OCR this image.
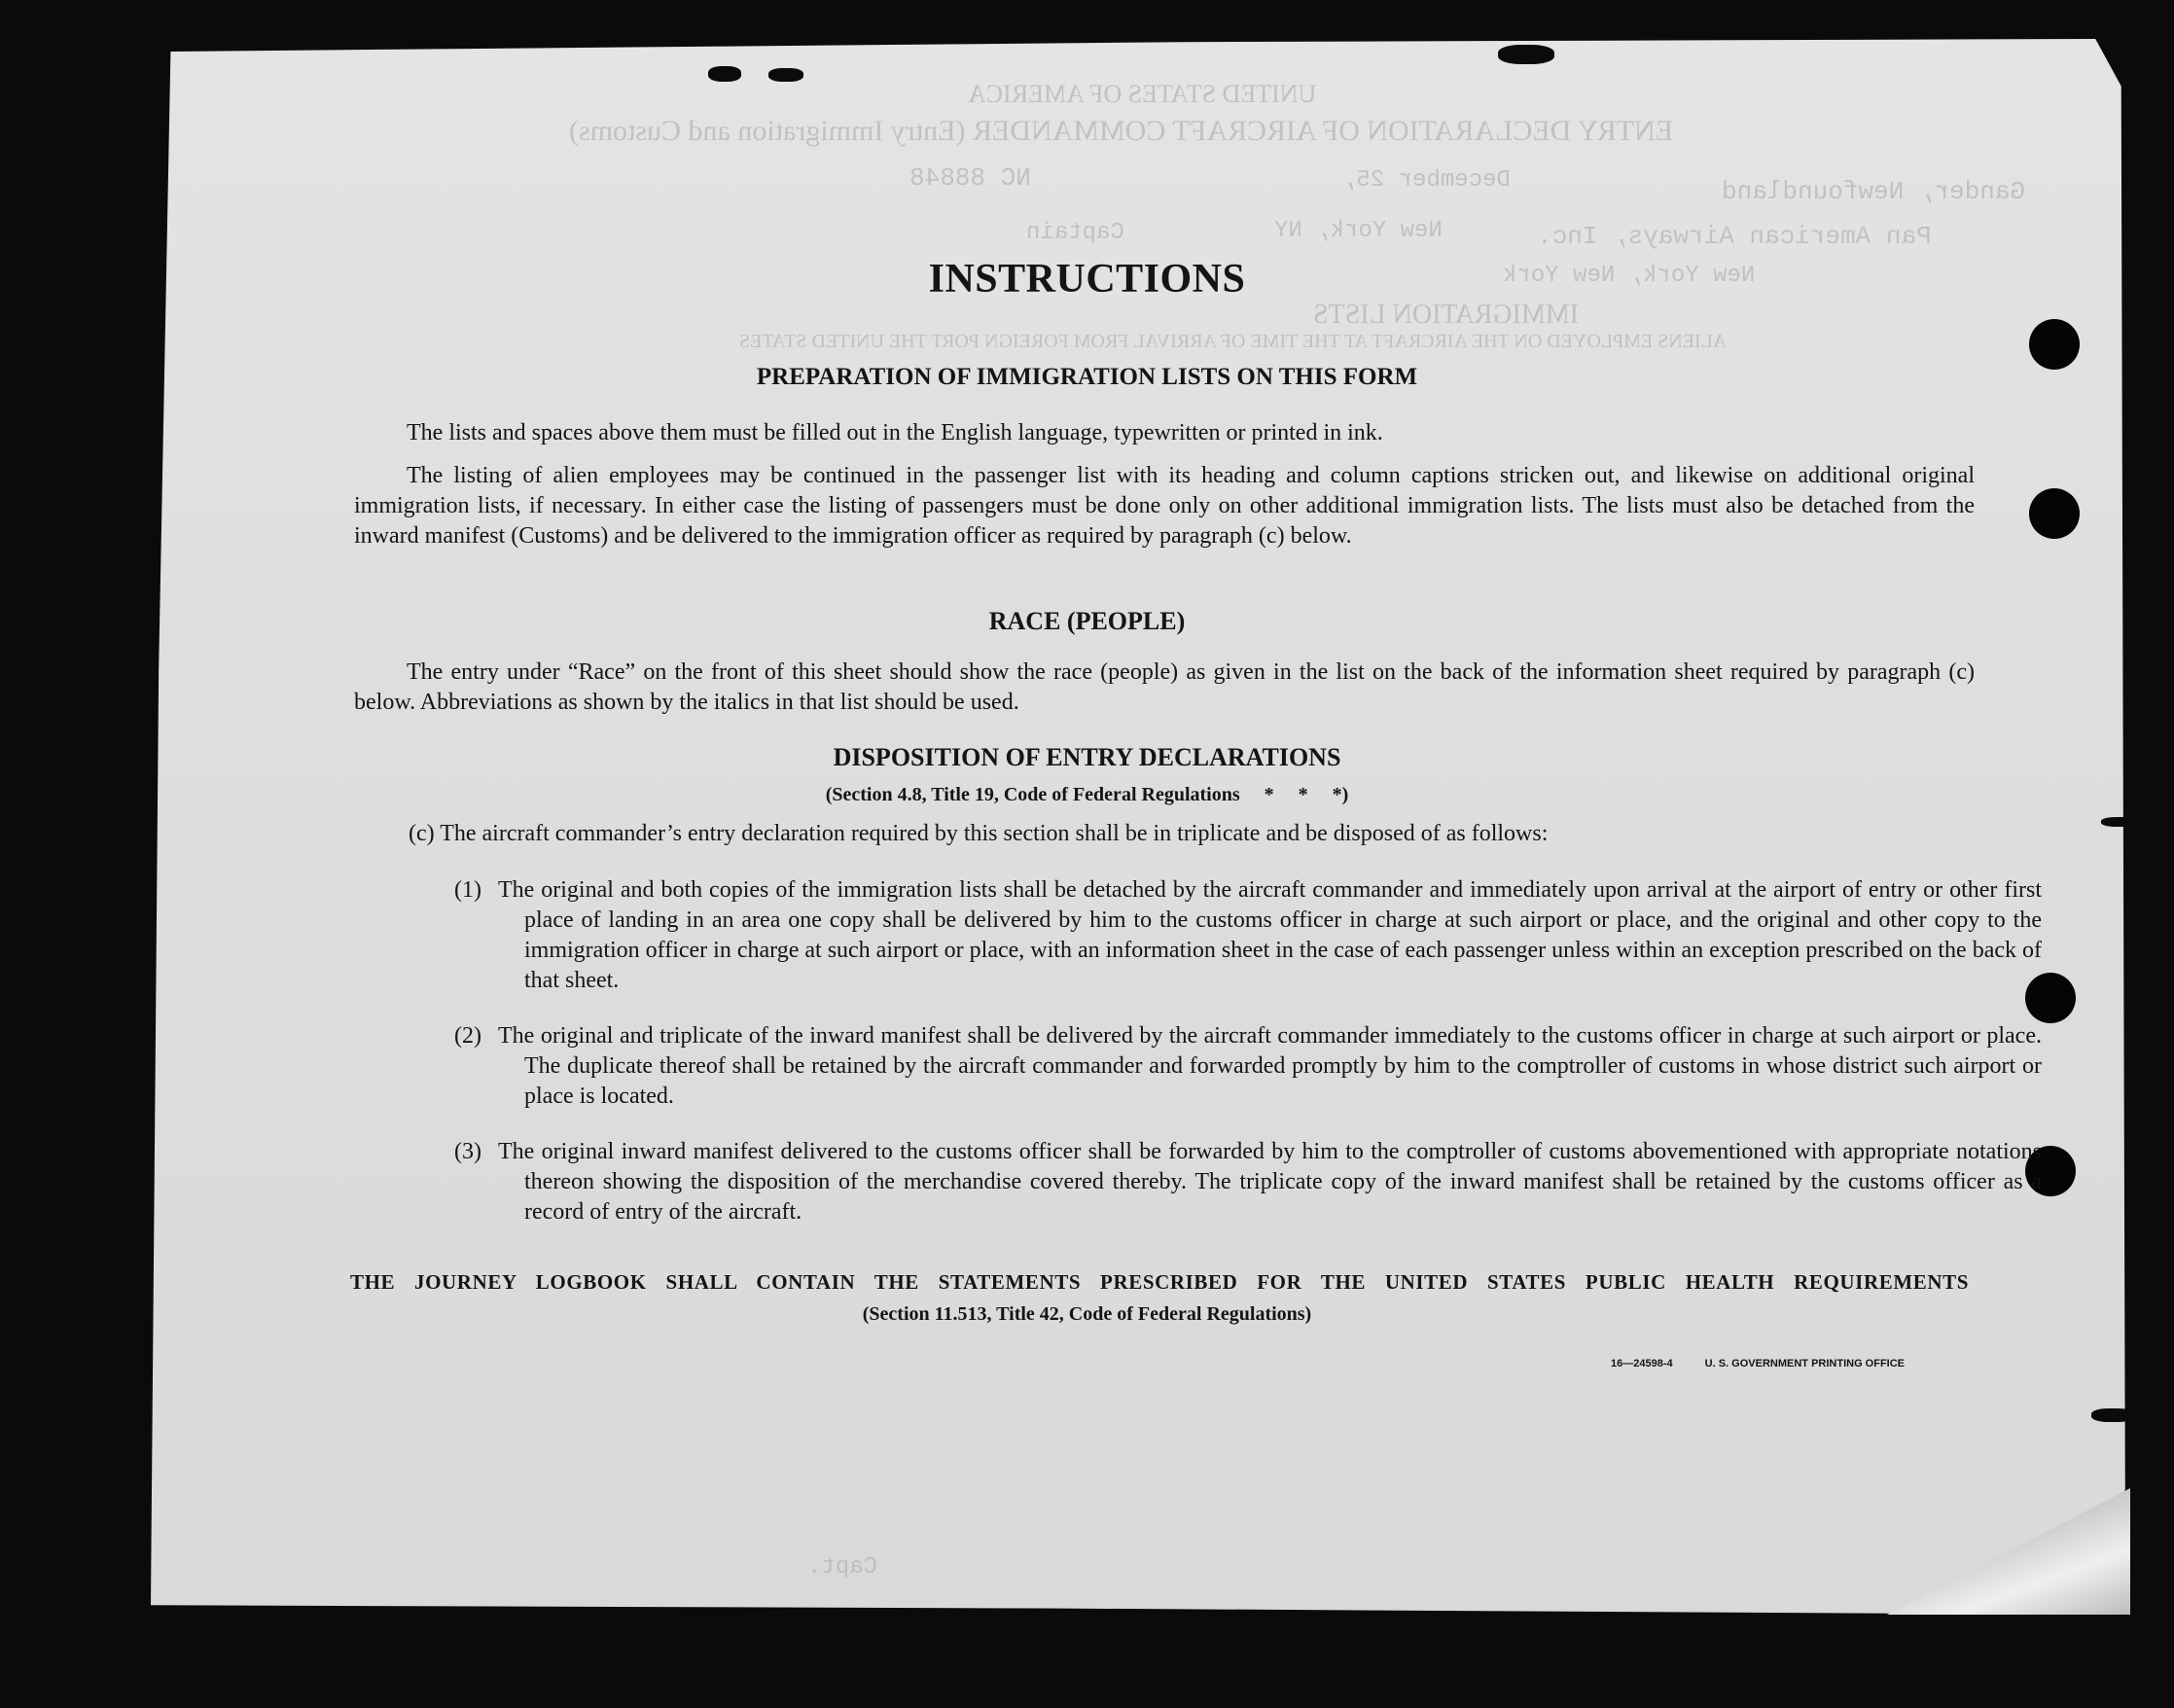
UNITED STATES OF AMERICA
ENTRY DECLARATION OF AIRCRAFT COMMANDER (Entry Immigration and Customs)
Gander, Newfoundland
December 25,
NC 88848
Pan American Airways, Inc.
New York, NY
Captain
New York, New York
IMMIGRATION LISTS
ALIENS EMPLOYED ON THE AIRCRAFT AT THE TIME OF ARRIVAL FROM FOREIGN PORT THE UNITED STATES
Capt.
INSTRUCTIONS
PREPARATION OF IMMIGRATION LISTS ON THIS FORM

The lists and spaces above them must be filled out in the English language, typewritten or printed in ink.

The listing of alien employees may be continued in the passenger list with its heading and column captions stricken out, and likewise on additional original immigration lists, if necessary. In either case the listing of passengers must be done only on other additional immigration lists. The lists must also be detached from the inward manifest (Customs) and be delivered to the immigration officer as required by paragraph (c) below.

RACE (PEOPLE)

The entry under “Race” on the front of this sheet should show the race (people) as given in the list on the back of the information sheet required by paragraph (c) below. Abbreviations as shown by the italics in that list should be used.

DISPOSITION OF ENTRY DECLARATIONS
(Section 4.8, Title 19, Code of Federal Regulations     *     *     *)

(c) The aircraft commander’s entry declaration required by this section shall be in triplicate and be disposed of as follows:

(1) The original and both copies of the immigration lists shall be detached by the aircraft commander and immediately upon arrival at the airport of entry or other first place of landing in an area one copy shall be delivered by him to the customs officer in charge at such airport or place, and the original and other copy to the immigration officer in charge at such airport or place, with an information sheet in the case of each passenger unless within an exception prescribed on the back of that sheet.

(2) The original and triplicate of the inward manifest shall be delivered by the aircraft commander immediately to the customs officer in charge at such airport or place. The duplicate thereof shall be retained by the aircraft commander and forwarded promptly by him to the comptroller of customs in whose district such airport or place is located.

(3) The original inward manifest delivered to the customs officer shall be forwarded by him to the comptroller of customs abovementioned with appropriate notations thereon showing the disposition of the merchandise covered thereby. The triplicate copy of the inward manifest shall be retained by the customs officer as a record of entry of the aircraft.

THE JOURNEY LOGBOOK SHALL CONTAIN THE STATEMENTS PRESCRIBED FOR THE UNITED STATES PUBLIC HEALTH REQUIREMENTS
(Section 11.513, Title 42, Code of Federal Regulations)
16—24598-4	U. S. GOVERNMENT PRINTING OFFICE
